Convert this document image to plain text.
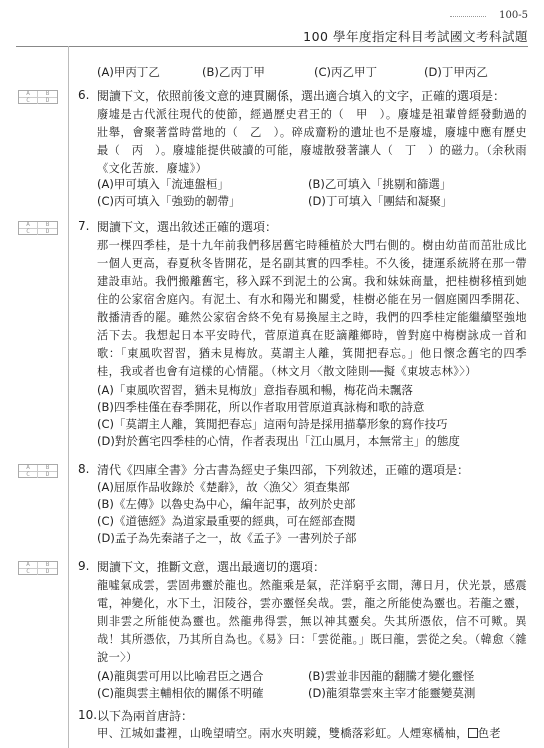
100-5
100 學年度指定科目考試國文考科試題
(A)甲丙丁乙	(B)乙丙丁甲	(C)丙乙甲丁	(D)丁甲丙乙
A	B
C	D	6. 閱讀下文，依照前後文意的連貫關係，選出適合填入的文字，正確的選項是：
廢墟是古代派往現代的使節，經過歷史君王的（　甲　）。廢墟是祖輩曾經發動過的壯舉，會聚著當時當地的（　乙　）。碎成齏粉的遺址也不是廢墟，廢墟中應有歷史最（　丙　）。廢墟能提供破讀的可能，廢墟散發著讓人（　丁　）的磁力。（余秋雨《文化苦旅．廢墟》）
(A)甲可填入「流連盤桓」	(B)乙可填入「挑剔和篩選」
(C)丙可填入「強勁的韌帶」	(D)丁可填入「團結和凝聚」
A	B
C	D	7. 閱讀下文，選出敘述正確的選項：
那一棵四季桂，是十九年前我們移居舊宅時種植於大門右側的。樹由幼苗而茁壯成比一個人更高，春夏秋冬皆開花，是名副其實的四季桂。不久後，捷運系統將在那一帶建設車站。我們搬離舊宅，移入踩不到泥土的公寓。我和妹妹商量，把桂樹移植到她住的公家宿舍庭內。有泥土、有水和陽光和關愛，桂樹必能在另一個庭園四季開花、散播清香的罷。雖然公家宿舍終不免有易換屋主之時，我們的四季桂定能繼續堅強地活下去。我想起日本平安時代，菅原道真在貶謫離鄉時，曾對庭中梅樹詠成一首和歌：「東風吹習習，猶未見梅放。莫謂主人離，箕閒把春忘。」他日懷念舊宅的四季桂，我或者也會有這樣的心情罷。（林文月〈散文陸則──擬《東坡志林》〉）
(A)「東風吹習習，猶未見梅放」意指春風和暢，梅花尚未飄落
(B)四季桂僅在春季開花，所以作者取用菅原道真詠梅和歌的詩意
(C)「莫謂主人離，箕閒把春忘」這兩句詩是採用描摹形象的寫作技巧
(D)對於舊宅四季桂的心情，作者表現出「江山風月，本無常主」的態度
A	B
C	D	8. 清代《四庫全書》分古書為經史子集四部，下列敘述，正確的選項是：
(A)屈原作品收錄於《楚辭》，故〈漁父〉須查集部
(B)《左傳》以魯史為中心，編年記事，故列於史部
(C)《道德經》為道家最重要的經典，可在經部查閱
(D)孟子為先秦諸子之一，故《孟子》一書列於子部
A	B
C	D	9. 閱讀下文，推斷文意，選出最適切的選項：
龍噓氣成雲，雲固弗靈於龍也。然龍乘是氣，茫洋窮乎玄間，薄日月，伏光景，感震電，神變化，水下土，汨陵谷，雲亦靈怪矣哉。雲，龍之所能使為靈也。若龍之靈，則非雲之所能使為靈也。然龍弗得雲，無以神其靈矣。失其所憑依，信不可歟。異哉！其所憑依，乃其所自為也。《易》曰：「雲從龍。」既曰龍，雲從之矣。（韓愈〈雜說一〉）
(A)龍與雲可用以比喻君臣之遇合	(B)雲並非因龍的翻騰才變化靈怪
(C)龍與雲主輔相依的關係不明確	(D)龍須靠雲來主宰才能靈變莫測
10. 以下為兩首唐詩：
甲、江城如畫裡，山晚望晴空。兩水夾明鏡，雙橋落彩虹。人煙寒橘柚， 色老
